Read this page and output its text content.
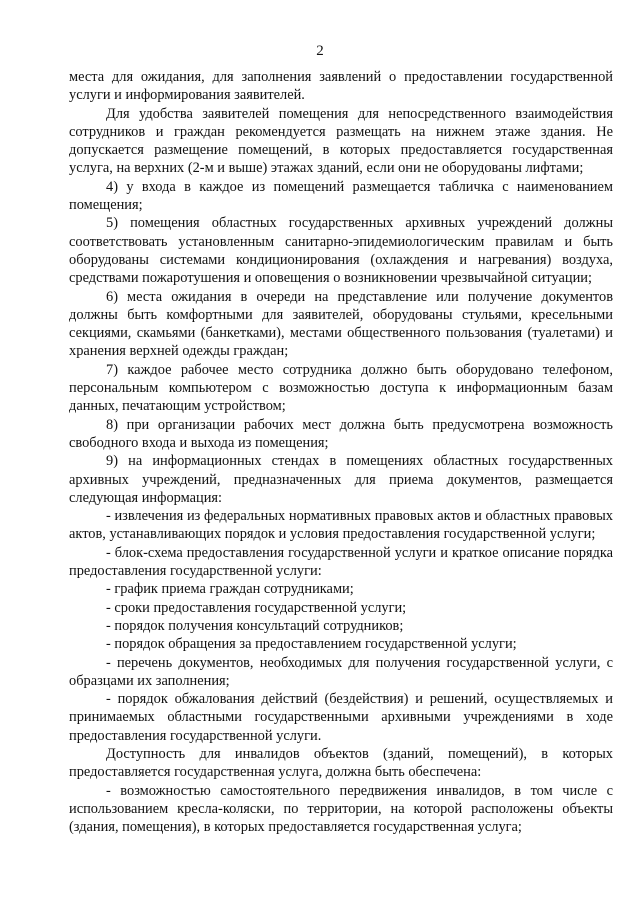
2

места для ожидания, для заполнения заявлений о предоставлении государственной услуги и информирования заявителей.

Для удобства заявителей помещения для непосредственного взаимодействия сотрудников и граждан рекомендуется размещать на нижнем этаже здания. Не допускается размещение помещений, в которых предоставляется государственная услуга, на верхних (2-м и выше) этажах зданий, если они не оборудованы лифтами;

4) у входа в каждое из помещений размещается табличка с наименованием помещения;

5) помещения областных государственных архивных учреждений должны соответствовать установленным санитарно-эпидемиологическим правилам и быть оборудованы системами кондиционирования (охлаждения и нагревания) воздуха, средствами пожаротушения и оповещения о возникновении чрезвычайной ситуации;

6) места ожидания в очереди на представление или получение документов должны быть комфортными для заявителей, оборудованы стульями, кресельными секциями, скамьями (банкетками), местами общественного пользования (туалетами) и хранения верхней одежды граждан;

7) каждое рабочее место сотрудника должно быть оборудовано телефоном, персональным компьютером с возможностью доступа к информационным базам данных, печатающим устройством;

8) при организации рабочих мест должна быть предусмотрена возможность свободного входа и выхода из помещения;

9) на информационных стендах в помещениях областных государственных архивных учреждений, предназначенных для приема документов, размещается следующая информация:

- извлечения из федеральных нормативных правовых актов и областных правовых актов, устанавливающих порядок и условия предоставления государственной услуги;

- блок-схема предоставления государственной услуги и краткое описание порядка предоставления государственной услуги:

- график приема граждан сотрудниками;

- сроки предоставления государственной услуги;

- порядок получения консультаций сотрудников;

- порядок обращения за предоставлением государственной услуги;

- перечень документов, необходимых для получения государственной услуги, с образцами их заполнения;

- порядок обжалования действий (бездействия) и решений, осуществляемых и принимаемых областными государственными архивными учреждениями в ходе предоставления государственной услуги.

Доступность для инвалидов объектов (зданий, помещений), в которых предоставляется государственная услуга, должна быть обеспечена:

- возможностью самостоятельного передвижения инвалидов, в том числе с использованием кресла-коляски, по территории, на которой расположены объекты (здания, помещения), в которых предоставляется государственная услуга;
